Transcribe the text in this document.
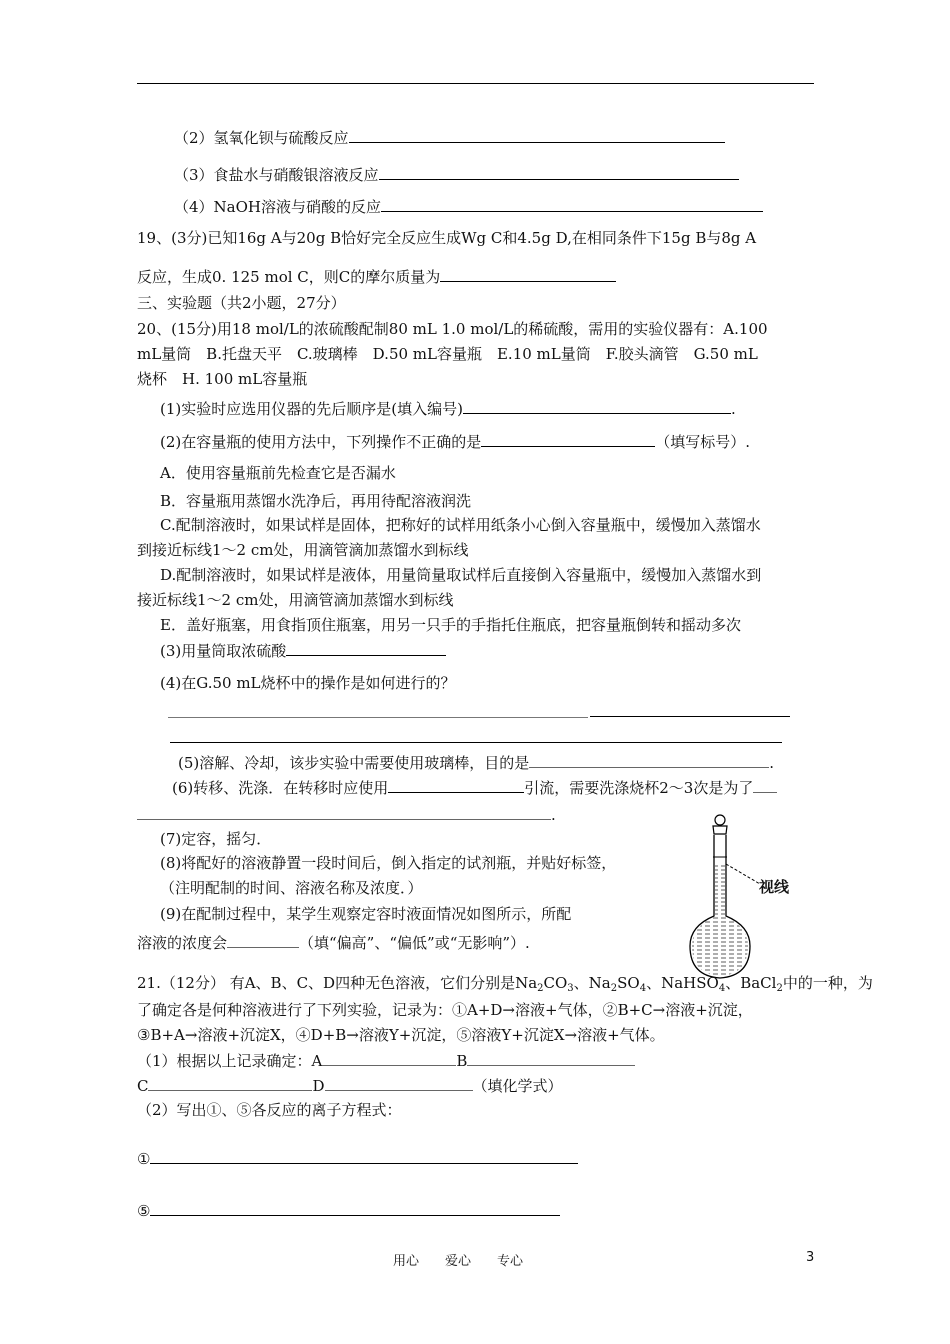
（2）氢氧化钡与硫酸反应
（3）食盐水与硝酸银溶液反应
（4）NaOH溶液与硝酸的反应
19、(3分)已知16g A与20g B恰好完全反应生成Wg C和4.5g D,在相同条件下15g B与8g A
反应，生成0. 125 mol C，则C的摩尔质量为
三、实验题（共2小题，27分）
20、(15分)用18 mol/L的浓硫酸配制80 mL 1.0 mol/L的稀硫酸，需用的实验仪器有：A.100
mL量筒　B.托盘天平　C.玻璃棒　D.50 mL容量瓶　E.10 mL量筒　F.胶头滴管　G.50 mL
烧杯　H. 100 mL容量瓶
(1)实验时应选用仪器的先后顺序是(填入编号)	.
(2)在容量瓶的使用方法中，下列操作不正确的是	（填写标号）.
A．使用容量瓶前先检查它是否漏水
B．容量瓶用蒸馏水洗净后，再用待配溶液润洗
C.配制溶液时，如果试样是固体，把称好的试样用纸条小心倒入容量瓶中，缓慢加入蒸馏水
到接近标线1～2 cm处，用滴管滴加蒸馏水到标线
D.配制溶液时，如果试样是液体，用量筒量取试样后直接倒入容量瓶中，缓慢加入蒸馏水到
接近标线1～2 cm处，用滴管滴加蒸馏水到标线
E．盖好瓶塞，用食指顶住瓶塞，用另一只手的手指托住瓶底，把容量瓶倒转和摇动多次
(3)用量筒取浓硫酸
(4)在G.50 mL烧杯中的操作是如何进行的？
(5)溶解、冷却，该步实验中需要使用玻璃棒，目的是	.
(6)转移、洗涤．在转移时应使用	引流，需要洗涤烧杯2～3次是为了
.
(7)定容，摇匀．
(8)将配好的溶液静置一段时间后，倒入指定的试剂瓶，并贴好标签，
（注明配制的时间、溶液名称及浓度．）
(9)在配制过程中，某学生观察定容时液面情况如图所示，所配
溶液的浓度会	（填“偏高”、“偏低”或“无影响”）.
视线
21.（12分） 有A、B、C、D四种无色溶液，它们分别是$Na_2CO_3$、$Na_2SO_4$、NaHSO$_4$、BaCl$_2$中的一种，为
了确定各是何种溶液进行了下列实验，记录为：①A+D→溶液+气体，②B+C→溶液+沉淀，
③B+A→溶液+沉淀X，④D+B→溶液Y+沉淀，⑤溶液Y+沉淀X→溶液+气体。
（1）根据以上记录确定：A	B
C	D	（填化学式）
（2）写出①、⑤各反应的离子方程式：
①
⑤
用心　　爱心　　专心	3
